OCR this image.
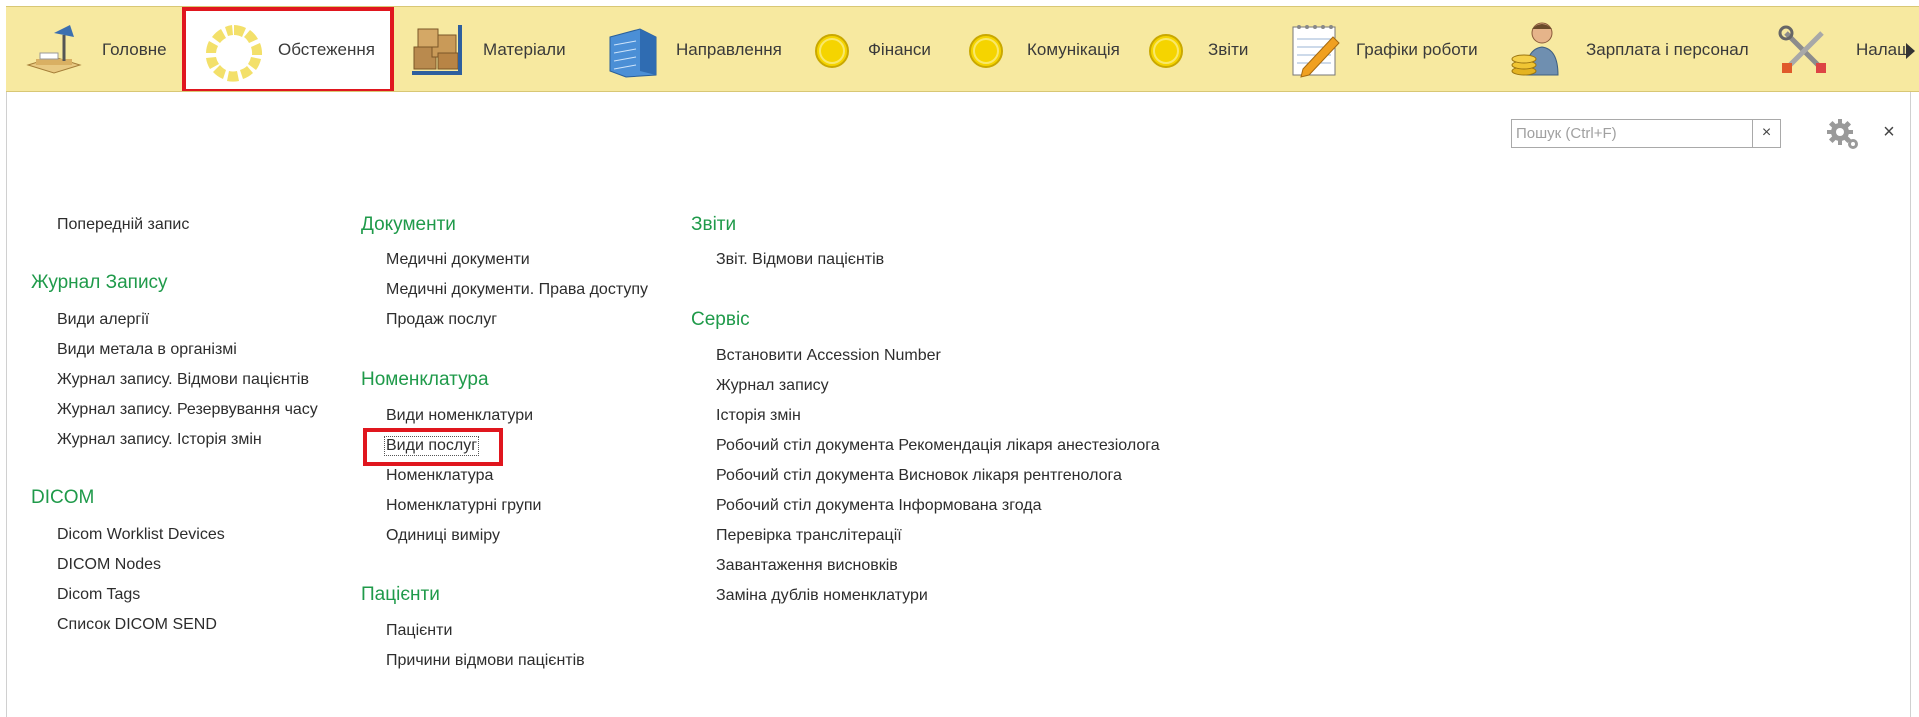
Головне	Обстеження	Матеріали	Направлення	Фінанси	Комунікація	Звіти	Графіки роботи	Зарплата і персонал	Налаш
Пошук (Ctrl+F)
×	×
Попередній запис
Журнал Запису
Види алергії
Види метала в організмі
Журнал запису. Відмови пацієнтів
Журнал запису. Резервування часу
Журнал запису. Історія змін
DICOM
Dicom Worklist Devices
DICOM Nodes
Dicom Tags
Список DICOM SEND
Документи
Медичні документи
Медичні документи. Права доступу
Продаж послуг
Номенклатура
Види номенклатури
Види послуг
Номенклатура
Номенклатурні групи
Одиниці виміру
Пацієнти
Пацієнти
Причини відмови пацієнтів
Звіти
Звіт. Відмови пацієнтів
Сервіс
Встановити Accession Number
Журнал запису
Історія змін
Робочий стіл документа Рекомендація лікаря анестезіолога
Робочий стіл документа Висновок лікаря рентгенолога
Робочий стіл документа Інформована згода
Перевірка транслітерації
Завантаження висновків
Заміна дублів номенклатури
